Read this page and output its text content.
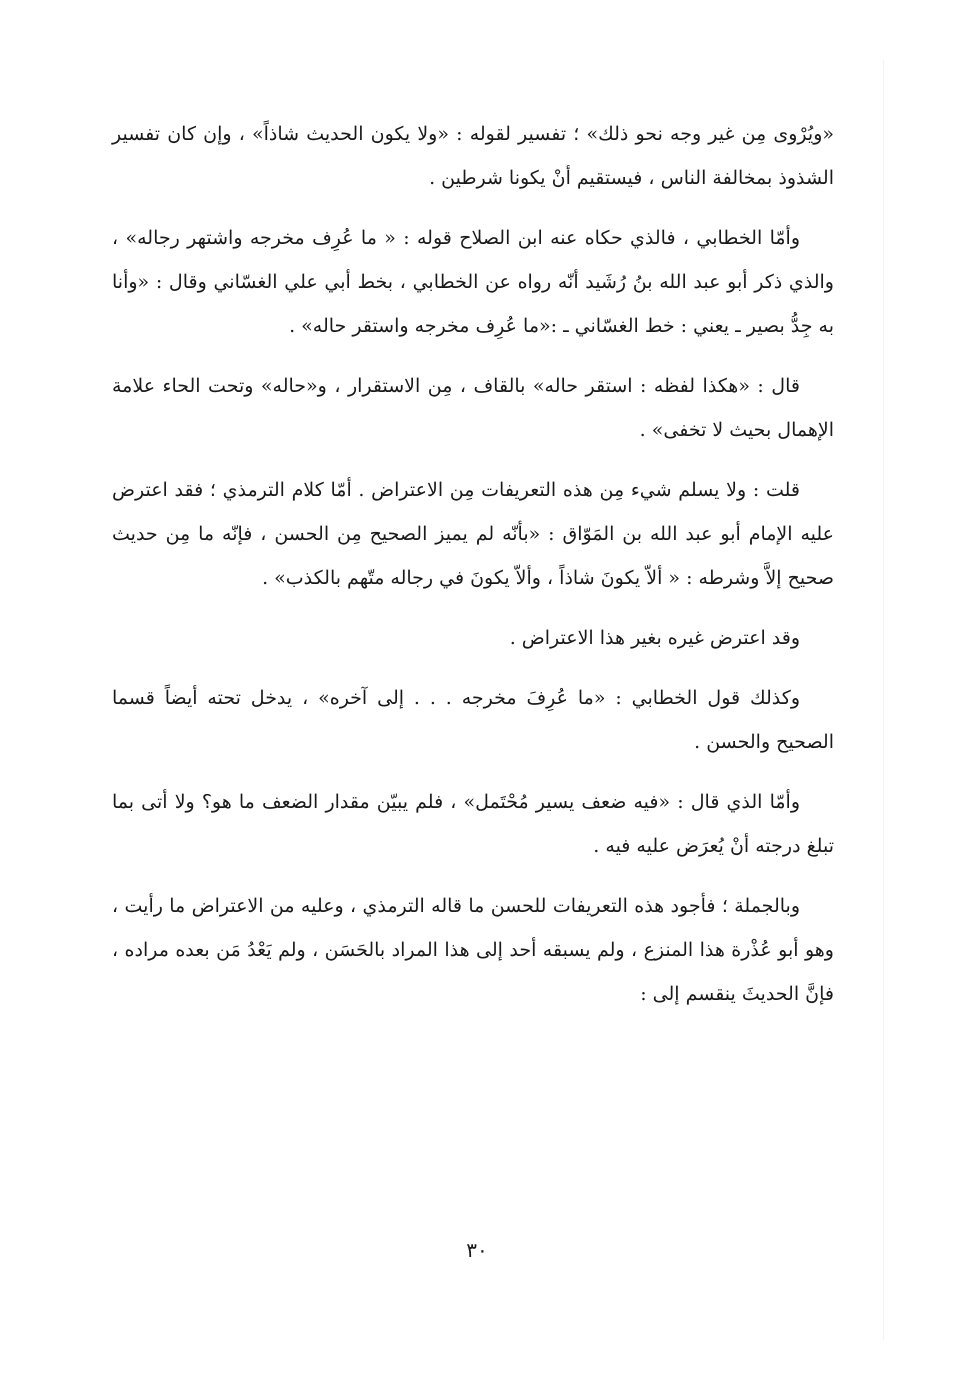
«ويُرْوى مِن غير وجه نحو ذلك» ؛ تفسير لقوله : «ولا يكون الحديث شاذاً» ، وإن كان تفسير الشذوذ بمخالفة الناس ، فيستقيم أنْ يكونا شرطين .

وأمّا الخطابي ، فالذي حكاه عنه ابن الصلاح قوله : « ما عُرِف مخرجه واشتهر رجاله» ، والذي ذكر أبو عبد الله بنُ رُشَيد أنّه رواه عن الخطابي ، بخط أبي علي الغسّاني وقال : «وأنا به جِدُّ بصير ـ يعني : خط الغسّاني ـ :«ما عُرِف مخرجه واستقر حاله» .

قال : «هكذا لفظه : استقر حاله» بالقاف ، مِن الاستقرار ، و«حاله» وتحت الحاء علامة الإهمال بحيث لا تخفى» .

قلت : ولا يسلم شيء مِن هذه التعريفات مِن الاعتراض . أمّا كلام الترمذي ؛ فقد اعترض عليه الإمام أبو عبد الله بن المَوّاق : «بأنّه لم يميز الصحيح مِن الحسن ، فإنّه ما مِن حديث صحيح إلاَّ وشرطه : « ألاّ يكونَ شاذاً ، وألاّ يكونَ في رجاله متّهم بالكذب» .

وقد اعترض غيره بغير هذا الاعتراض .

وكذلك قول الخطابي : «ما عُرِفَ مخرجه . . . إلى آخره» ، يدخل تحته أيضاً قسما الصحيح والحسن .

وأمّا الذي قال : «فيه ضعف يسير مُحْتَمل» ، فلم يبيّن مقدار الضعف ما هو؟ ولا أتى بما تبلغ درجته أنْ يُعرَض عليه فيه .

وبالجملة ؛ فأجود هذه التعريفات للحسن ما قاله الترمذي ، وعليه من الاعتراض ما رأيت ، وهو أبو عُذْرة هذا المنزع ، ولم يسبقه أحد إلى هذا المراد بالحَسَن ، ولم يَعْدُ مَن بعده مراده ، فإنَّ الحديثَ ينقسم إلى :

٣٠
